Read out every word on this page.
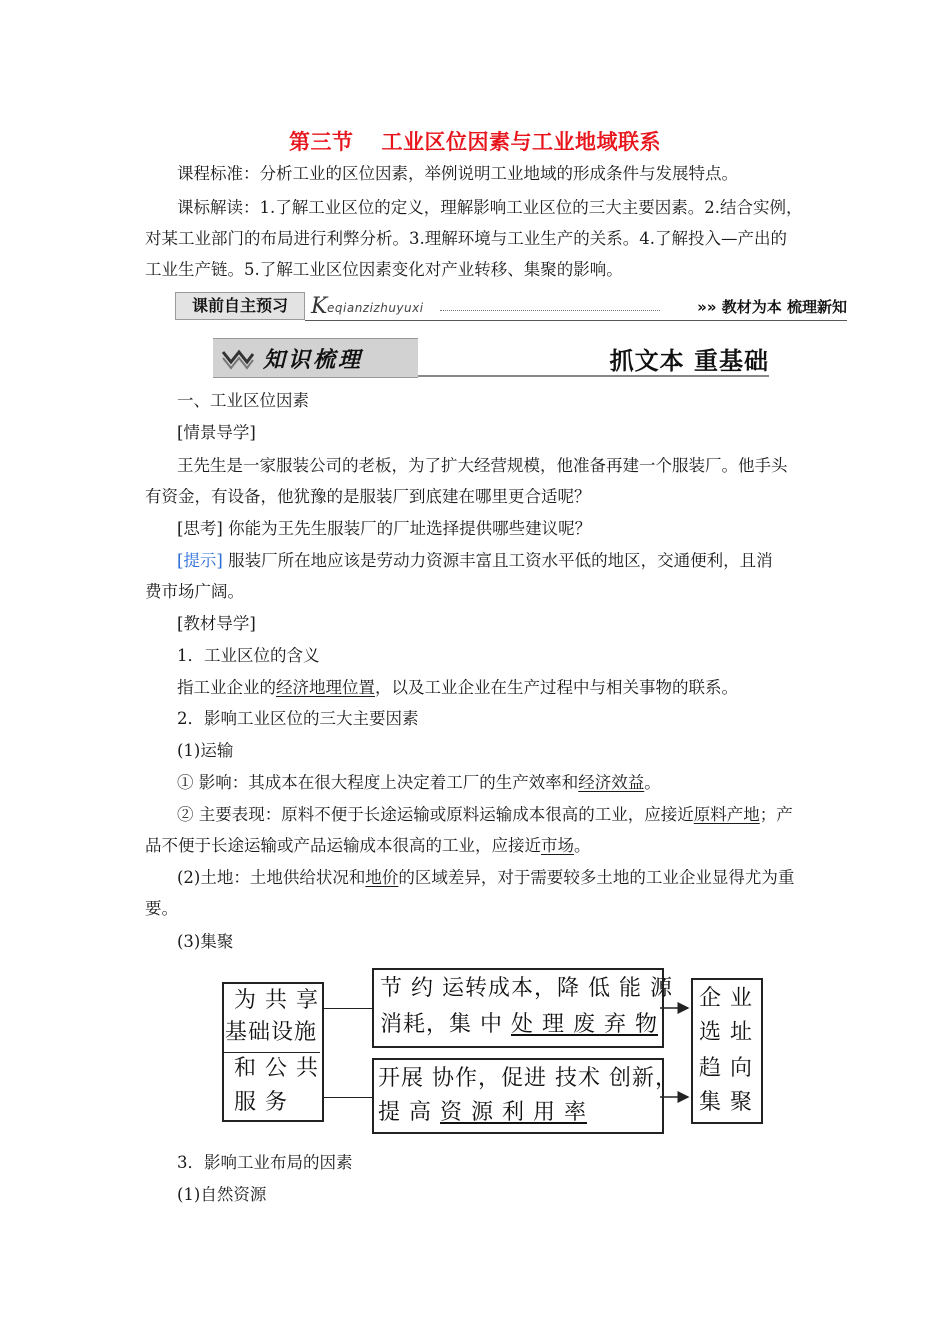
第三节 工业区位因素与工业地域联系
课程标准：分析工业的区位因素，举例说明工业地域的形成条件与发展特点。
课标解读：1.了解工业区位的定义，理解影响工业区位的三大主要因素。2.结合实例，
对某工业部门的布局进行利弊分析。3.理解环境与工业生产的关系。4.了解投入—产出的
工业生产链。5.了解工业区位因素变化对产业转移、集聚的影响。
课前自主预习	K eqianzizhuyuxi	»» 教材为本 梳理新知
知识梳理	抓文本 重基础
一、工业区位因素
[情景导学]
王先生是一家服装公司的老板，为了扩大经营规模，他准备再建一个服装厂。他手头
有资金，有设备，他犹豫的是服装厂到底建在哪里更合适呢？
[思考] 你能为王先生服装厂的厂址选择提供哪些建议呢？
[提示] 服装厂所在地应该是劳动力资源丰富且工资水平低的地区，交通便利，且消
费市场广阔。
[教材导学]
1．工业区位的含义
指工业企业的经济地理位置，以及工业企业在生产过程中与相关事物的联系。
2．影响工业区位的三大主要因素
(1)运输
① 影响：其成本在很大程度上决定着工厂的生产效率和经济效益。
② 主要表现：原料不便于长途运输或原料运输成本很高的工业，应接近原料产地；产
品不便于长途运输或产品运输成本很高的工业，应接近市场。
(2)土地：土地供给状况和地价的区域差异，对于需要较多土地的工业企业显得尤为重
要。
(3)集聚
为 共 享
基础设施
和 公 共
服 务
节 约 运转成本，降 低 能 源
消耗，集 中 处 理 废 弃 物
开展 协作，促进 技术 创新，
提 高 资 源 利 用 率
企 业
选 址
趋 向
集 聚
3．影响工业布局的因素
(1)自然资源
